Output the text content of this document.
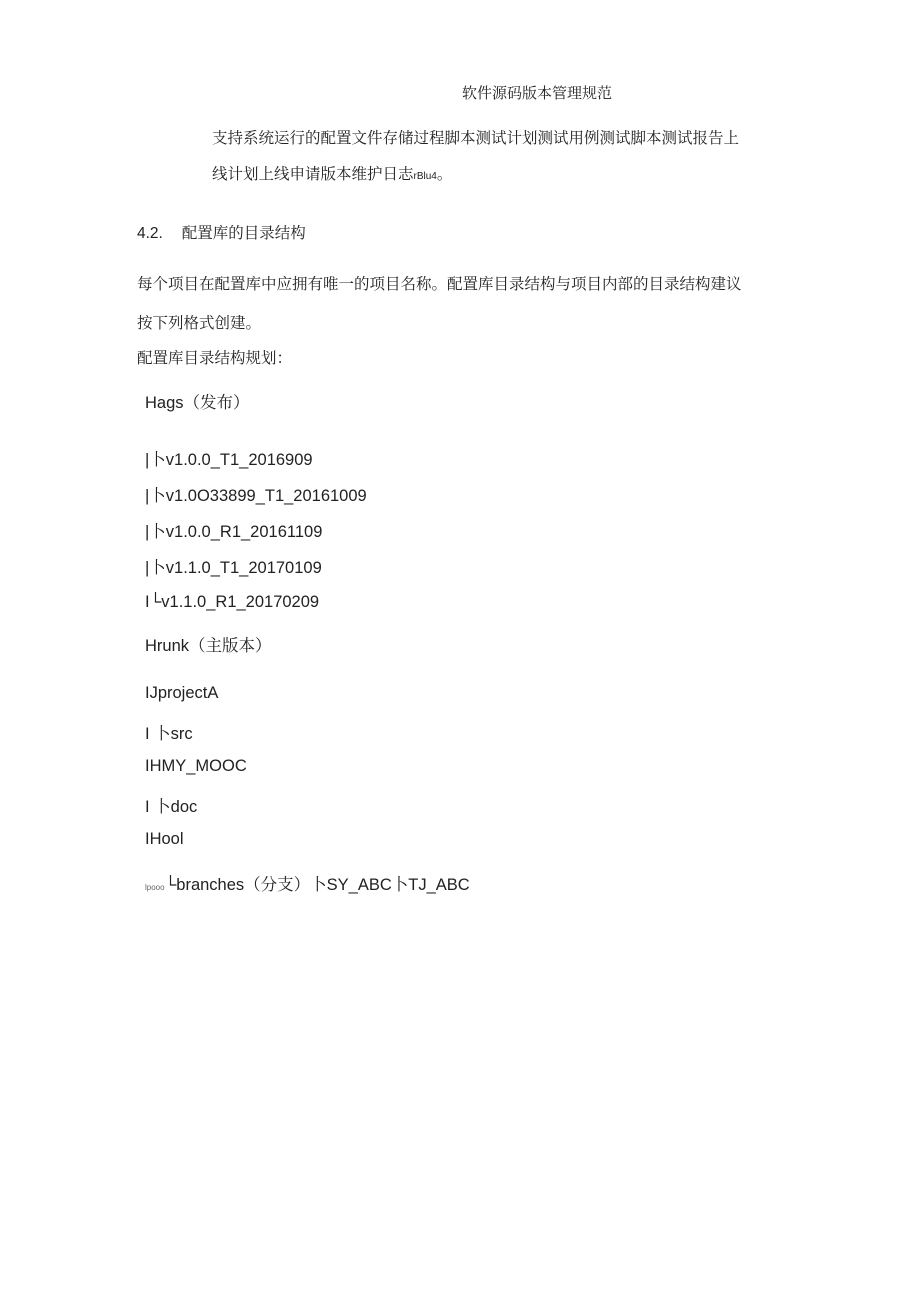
软件源码版本管理规范
支持系统运行的配置文件存储过程脚本测试计划测试用例测试脚本测试报告上
线计划上线申请版本维护日志rBlu4。
4.2. 配置库的目录结构
每个项目在配置库中应拥有唯一的项目名称。配置库目录结构与项目内部的目录结构建议
按下列格式创建。
配置库目录结构规划：
Hags（发布）
|卜v1.0.0_T1_2016909
|卜v1.0O33899_T1_20161009
|卜v1.0.0_R1_20161109
|卜v1.1.0_T1_20170109
I└v1.1.0_R1_20170209
Hrunk（主版本）
IJprojectA
I 卜src
IHMY_MOOC
I 卜doc
IHool
lpooo└branches（分支）卜SY_ABC卜TJ_ABC
